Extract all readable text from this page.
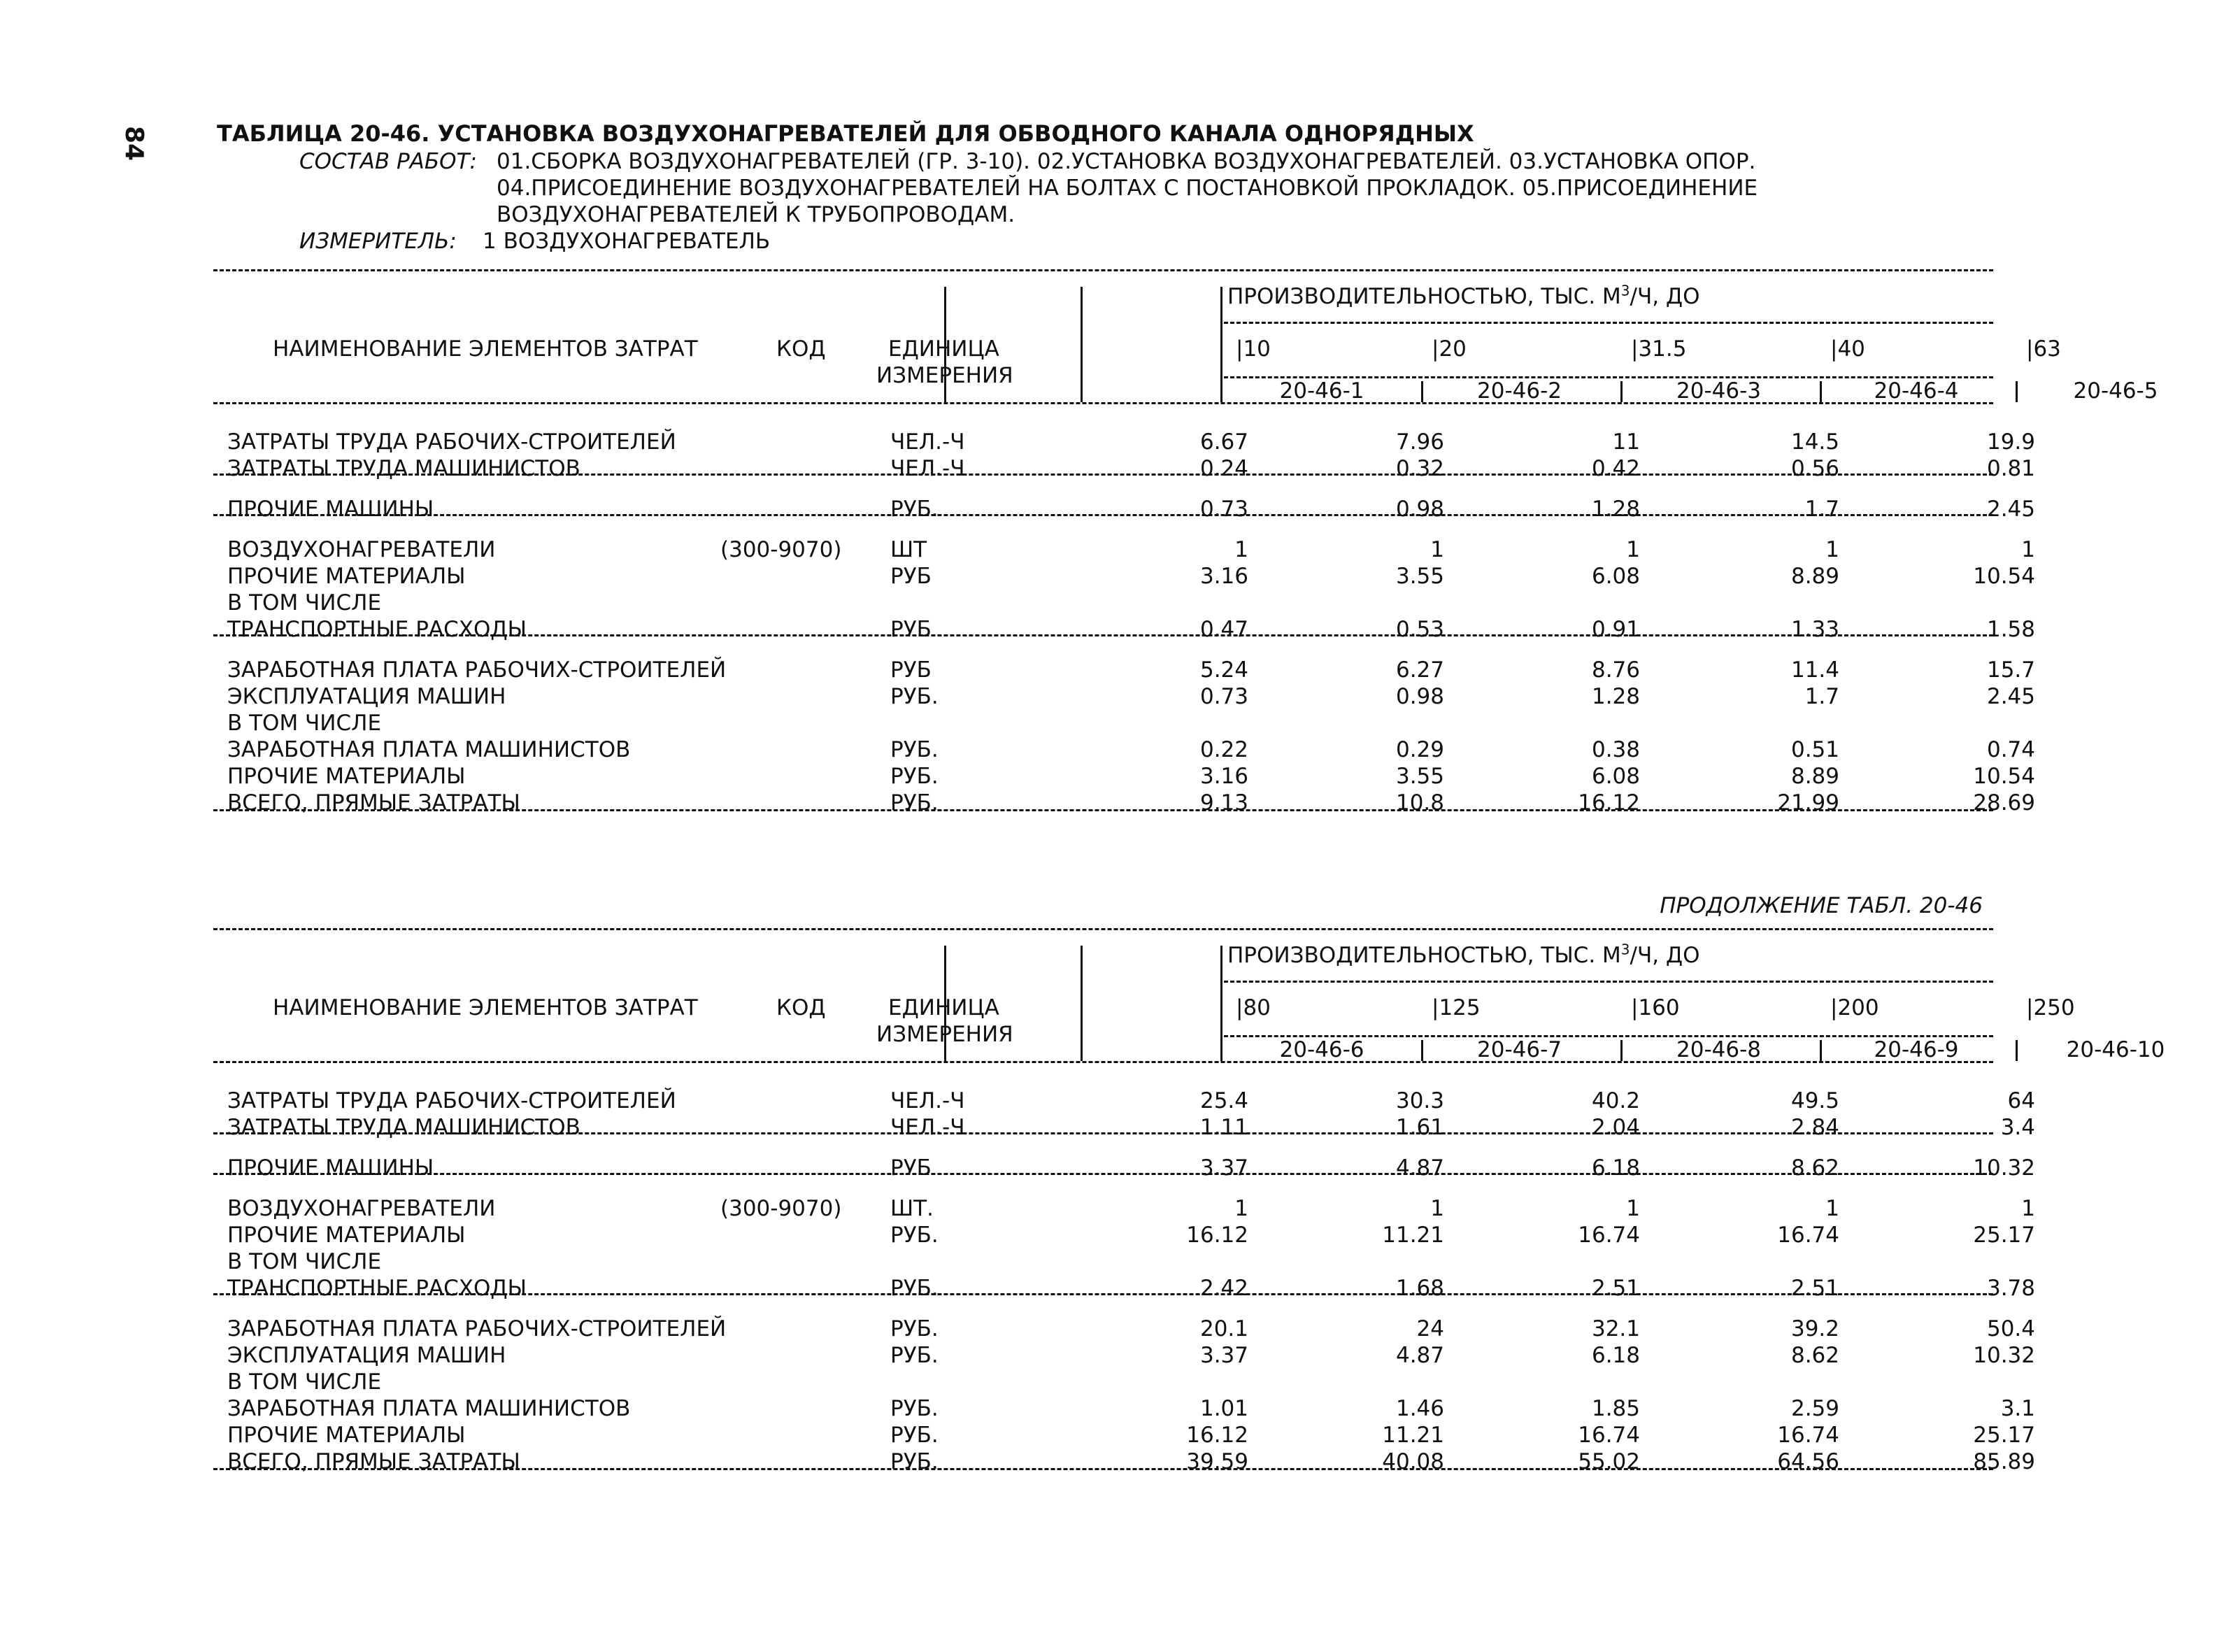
84	ТАБЛИЦА 20-46. УСТАНОВКА ВОЗДУХОНАГРЕВАТЕЛЕЙ ДЛЯ ОБВОДНОГО КАНАЛА ОДНОРЯДНЫХ
СОСТАВ РАБОТ: 01.СБОРКА ВОЗДУХОНАГРЕВАТЕЛЕЙ (ГР. 3-10). 02.УСТАНОВКА ВОЗДУХОНАГРЕВАТЕЛЕЙ. 03.УСТАНОВКА ОПОР.
04.ПРИСОЕДИНЕНИЕ ВОЗДУХОНАГРЕВАТЕЛЕЙ НА БОЛТАХ С ПОСТАНОВКОЙ ПРОКЛАДОК. 05.ПРИСОЕДИНЕНИЕ
ВОЗДУХОНАГРЕВАТЕЛЕЙ К ТРУБОПРОВОДАМ.
ИЗМЕРИТЕЛЬ: 1 ВОЗДУХОНАГРЕВАТЕЛЬ
ПРОИЗВОДИТЕЛЬНОСТЬЮ, ТЫС. $М^3/Ч$, ДО
НАИМЕНОВАНИЕ ЭЛЕМЕНТОВ ЗАТРАТ	КОД	ЕДИНИЦА
ИЗМЕРЕНИЯ
|10	|20	|31.5	|40	|63
20-46-1	20-46-2	20-46-3	20-46-4	20-46-5
ЗАТРАТЫ ТРУДА РАБОЧИХ-СТРОИТЕЛЕЙ	ЧЕЛ.-Ч	6.67	7.96	11	14.5	19.9
ЗАТРАТЫ ТРУДА МАШИНИСТОВ	ЧЕЛ.-Ч	0.24	0.32	0.42	0.56	0.81
ПРОЧИЕ МАШИНЫ	РУБ.	0.73	0.98	1.28	1.7	2.45
ВОЗДУХОНАГРЕВАТЕЛИ	(300-9070) ШТ	1	1	1	1	1
ПРОЧИЕ МАТЕРИАЛЫ	РУБ	3.16	3.55	6.08	8.89	10.54
В ТОМ ЧИСЛЕ
ТРАНСПОРТНЫЕ РАСХОДЫ	РУБ	0.47	0.53	0.91	1.33	1.58
ЗАРАБОТНАЯ ПЛАТА РАБОЧИХ-СТРОИТЕЛЕЙ	РУБ	5.24	6.27	8.76	11.4	15.7
ЭКСПЛУАТАЦИЯ МАШИН	РУБ.	0.73	0.98	1.28	1.7	2.45
В ТОМ ЧИСЛЕ
ЗАРАБОТНАЯ ПЛАТА МАШИНИСТОВ	РУБ.	0.22	0.29	0.38	0.51	0.74
ПРОЧИЕ МАТЕРИАЛЫ	РУБ.	3.16	3.55	6.08	8.89	10.54
ВСЕГО, ПРЯМЫЕ ЗАТРАТЫ	РУБ.	9.13	10.8	16.12	21.99	28.69
ПРОДОЛЖЕНИЕ ТАБЛ. 20-46
ПРОИЗВОДИТЕЛЬНОСТЬЮ, ТЫС. $М^3/Ч$, ДО
НАИМЕНОВАНИЕ ЭЛЕМЕНТОВ ЗАТРАТ	КОД	ЕДИНИЦА
ИЗМЕРЕНИЯ
|80	|125	|160	|200	|250
20-46-6	20-46-7	20-46-8	20-46-9	20-46-10
ЗАТРАТЫ ТРУДА РАБОЧИХ-СТРОИТЕЛЕЙ	ЧЕЛ.-Ч	25.4	30.3	40.2	49.5	64
ЗАТРАТЫ ТРУДА МАШИНИСТОВ	ЧЕЛ.-Ч	1.11	1.61	2.04	2.84	3.4
ПРОЧИЕ МАШИНЫ	РУБ	3.37	4.87	6.18	8.62	10.32
ВОЗДУХОНАГРЕВАТЕЛИ	(300-9070) ШТ.	1	1	1	1	1
ПРОЧИЕ МАТЕРИАЛЫ	РУБ.	16.12	11.21	16.74	16.74	25.17
В ТОМ ЧИСЛЕ
ТРАНСПОРТНЫЕ РАСХОДЫ	РУБ.	2.42	1.68	2.51	2.51	3.78
ЗАРАБОТНАЯ ПЛАТА РАБОЧИХ-СТРОИТЕЛЕЙ	РУБ.	20.1	24	32.1	39.2	50.4
ЭКСПЛУАТАЦИЯ МАШИН	РУБ.	3.37	4.87	6.18	8.62	10.32
В ТОМ ЧИСЛЕ
ЗАРАБОТНАЯ ПЛАТА МАШИНИСТОВ	РУБ.	1.01	1.46	1.85	2.59	3.1
ПРОЧИЕ МАТЕРИАЛЫ	РУБ.	16.12	11.21	16.74	16.74	25.17
ВСЕГО, ПРЯМЫЕ ЗАТРАТЫ	РУБ.	39.59	40.08	55.02	64.56	85.89
